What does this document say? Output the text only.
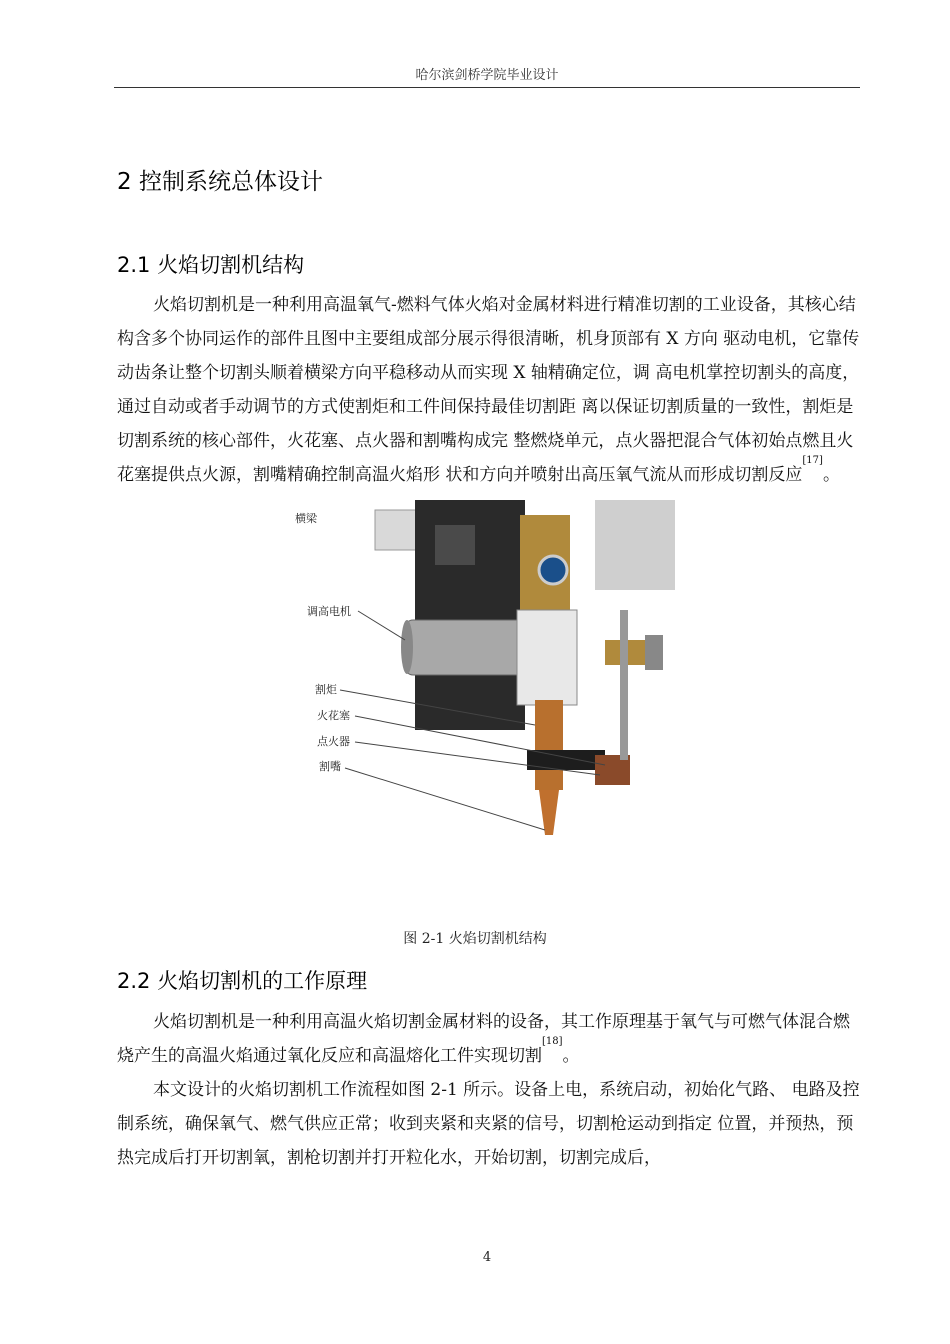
哈尔滨剑桥学院毕业设计
2 控制系统总体设计
2.1 火焰切割机结构

火焰切割机是一种利用高温氧气-燃料气体火焰对金属材料进行精准切割的工业设备，其核心结构含多个协同运作的部件且图中主要组成部分展示得很清晰，机身顶部有 X 方向 驱动电机，它靠传动齿条让整个切割头顺着横梁方向平稳移动从而实现 X 轴精确定位，调 高电机掌控切割头的高度，通过自动或者手动调节的方式使割炬和工件间保持最佳切割距 离以保证切割质量的一致性，割炬是切割系统的核心部件，火花塞、点火器和割嘴构成完 整燃烧单元，点火器把混合气体初始点燃且火花塞提供点火源，割嘴精确控制高温火焰形 状和方向并喷射出高压氧气流从而形成切割反应[17]。

横梁
调高电机
割炬
火花塞
点火器
割嘴
图 2-1 火焰切割机结构
2.2 火焰切割机的工作原理

火焰切割机是一种利用高温火焰切割金属材料的设备，其工作原理基于氧气与可燃气体混合燃烧产生的高温火焰通过氧化反应和高温熔化工件实现切割[18]。

本文设计的火焰切割机工作流程如图 2-1 所示。设备上电，系统启动，初始化气路、 电路及控制系统，确保氧气、燃气供应正常；收到夹紧和夹紧的信号，切割枪运动到指定 位置，并预热，预热完成后打开切割氧，割枪切割并打开粒化水，开始切割，切割完成后，

4
